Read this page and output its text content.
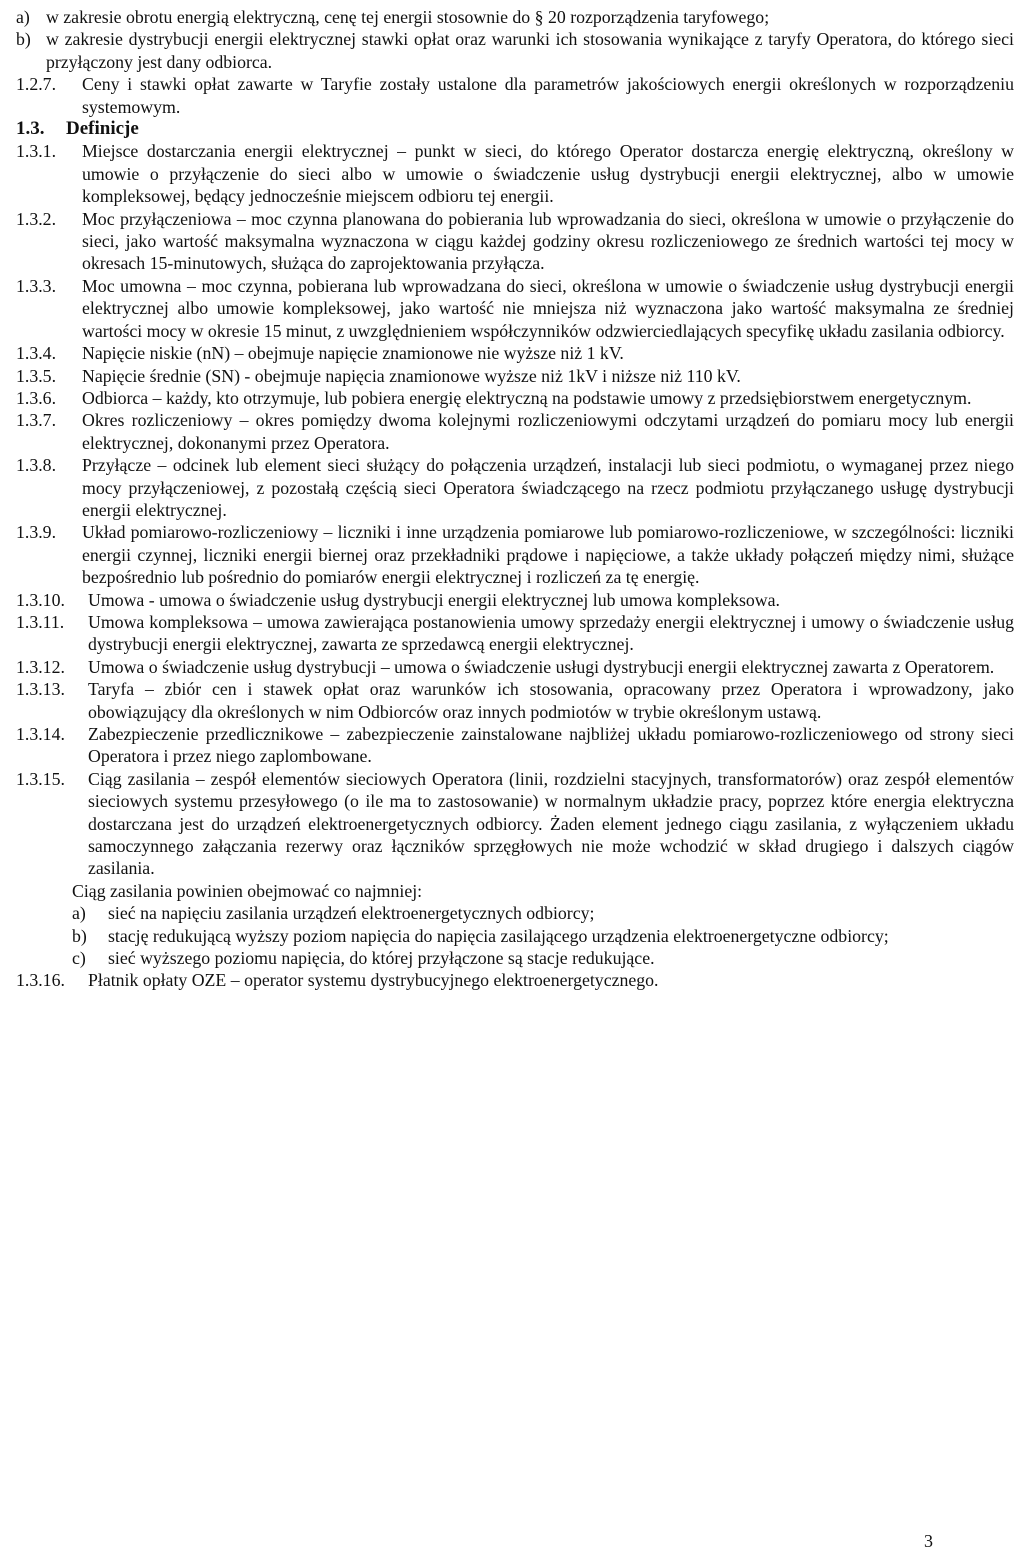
a) w zakresie obrotu energią elektryczną, cenę tej energii stosownie do § 20 rozporządzenia taryfowego;
b) w zakresie dystrybucji energii elektrycznej stawki opłat oraz warunki ich stosowania wynikające z taryfy Operatora, do którego sieci przyłączony jest dany odbiorca.
1.2.7.	Ceny i stawki opłat zawarte w Taryfie zostały ustalone dla parametrów jakościowych energii określonych w rozporządzeniu systemowym.
1.3.	Definicje
1.3.1.	Miejsce dostarczania energii elektrycznej – punkt w sieci, do którego Operator dostarcza energię elektryczną, określony w umowie o przyłączenie do sieci albo w umowie o świadczenie usług dystrybucji energii elektrycznej, albo w umowie kompleksowej, będący jednocześnie miejscem odbioru tej energii.
1.3.2.	Moc przyłączeniowa – moc czynna planowana do pobierania lub wprowadzania do sieci, określona w umowie o przyłączenie do sieci, jako wartość maksymalna wyznaczona w ciągu każdej godziny okresu rozliczeniowego ze średnich wartości tej mocy w okresach 15-minutowych, służąca do zaprojektowania przyłącza.
1.3.3.	Moc umowna – moc czynna, pobierana lub wprowadzana do sieci, określona w umowie o świadczenie usług dystrybucji energii elektrycznej albo umowie kompleksowej, jako wartość nie mniejsza niż wyznaczona jako wartość maksymalna ze średniej wartości mocy w okresie 15 minut, z uwzględnieniem współczynników odzwierciedlających specyfikę układu zasilania odbiorcy.
1.3.4.	Napięcie niskie (nN) – obejmuje napięcie znamionowe nie wyższe niż 1 kV.
1.3.5.	Napięcie średnie (SN) - obejmuje napięcia znamionowe wyższe niż 1kV i niższe niż 110 kV.
1.3.6.	Odbiorca – każdy, kto otrzymuje, lub pobiera energię elektryczną na podstawie umowy z przedsiębiorstwem energetycznym.
1.3.7.	Okres rozliczeniowy – okres pomiędzy dwoma kolejnymi rozliczeniowymi odczytami urządzeń do pomiaru mocy lub energii elektrycznej, dokonanymi przez Operatora.
1.3.8.	Przyłącze – odcinek lub element sieci służący do połączenia urządzeń, instalacji lub sieci podmiotu, o wymaganej przez niego mocy przyłączeniowej, z pozostałą częścią sieci Operatora świadczącego na rzecz podmiotu przyłączanego usługę dystrybucji energii elektrycznej.
1.3.9.	Układ pomiarowo-rozliczeniowy – liczniki i inne urządzenia pomiarowe lub pomiarowo-rozliczeniowe, w szczególności: liczniki energii czynnej, liczniki energii biernej oraz przekładniki prądowe i napięciowe, a także układy połączeń między nimi, służące bezpośrednio lub pośrednio do pomiarów energii elektrycznej i rozliczeń za tę energię.
1.3.10.	Umowa - umowa o świadczenie usług dystrybucji energii elektrycznej lub umowa kompleksowa.
1.3.11.	Umowa kompleksowa – umowa zawierająca postanowienia umowy sprzedaży energii elektrycznej i umowy o świadczenie usług dystrybucji energii elektrycznej, zawarta ze sprzedawcą energii elektrycznej.
1.3.12.	Umowa o świadczenie usług dystrybucji – umowa o świadczenie usługi dystrybucji energii elektrycznej zawarta z Operatorem.
1.3.13.	Taryfa – zbiór cen i stawek opłat oraz warunków ich stosowania, opracowany przez Operatora i wprowadzony, jako obowiązujący dla określonych w nim Odbiorców oraz innych podmiotów w trybie określonym ustawą.
1.3.14.	Zabezpieczenie przedlicznikowe – zabezpieczenie zainstalowane najbliżej układu pomiarowo-rozliczeniowego od strony sieci Operatora i przez niego zaplombowane.
1.3.15.	Ciąg zasilania – zespół elementów sieciowych Operatora (linii, rozdzielni stacyjnych, transformatorów) oraz zespół elementów sieciowych systemu przesyłowego (o ile ma to zastosowanie) w normalnym układzie pracy, poprzez które energia elektryczna dostarczana jest do urządzeń elektroenergetycznych odbiorcy. Żaden element jednego ciągu zasilania, z wyłączeniem układu samoczynnego załączania rezerwy oraz łączników sprzęgłowych nie może wchodzić w skład drugiego i dalszych ciągów zasilania.
Ciąg zasilania powinien obejmować co najmniej:
a)	sieć na napięciu zasilania urządzeń elektroenergetycznych odbiorcy;
b)	stację redukującą wyższy poziom napięcia do napięcia zasilającego urządzenia elektroenergetyczne odbiorcy;
c)	sieć wyższego poziomu napięcia, do której przyłączone są stacje redukujące.
1.3.16.	Płatnik opłaty OZE – operator systemu dystrybucyjnego elektroenergetycznego.
3
